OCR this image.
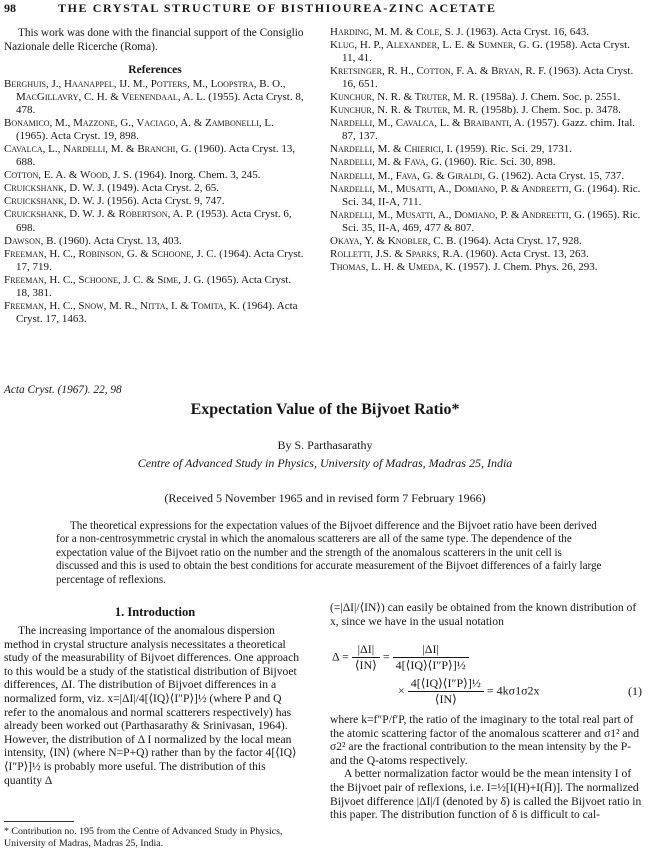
98	THE CRYSTAL STRUCTURE OF BISTHIOUREA-ZINC ACETATE

This work was done with the financial support of the Consiglio Nazionale delle Ricerche (Roma).

References

Berghuis, J., Haanappel, IJ. M., Potters, M., Loopstra, B. O., MacGillavry, C. H. & Veenendaal, A. L. (1955). Acta Cryst. 8, 478.

Bonamico, M., Mazzone, G., Vaciago, A. & Zambonelli, L. (1965). Acta Cryst. 19, 898.

Cavalca, L., Nardelli, M. & Branchi, G. (1960). Acta Cryst. 13, 688.

Cotton, E. A. & Wood, J. S. (1964). Inorg. Chem. 3, 245.

Cruickshank, D. W. J. (1949). Acta Cryst. 2, 65.

Cruickshank, D. W. J. (1956). Acta Cryst. 9, 747.

Cruickshank, D. W. J. & Robertson, A. P. (1953). Acta Cryst. 6, 698.

Dawson, B. (1960). Acta Cryst. 13, 403.

Freeman, H. C., Robinson, G. & Schoone, J. C. (1964). Acta Cryst. 17, 719.

Freeman, H. C., Schoone, J. C. & Sime, J. G. (1965). Acta Cryst. 18, 381.

Freeman, H. C., Snow, M. R., Nitta, I. & Tomita, K. (1964). Acta Cryst. 17, 1463.

Harding, M. M. & Cole, S. J. (1963). Acta Cryst. 16, 643.

Klug, H. P., Alexander, L. E. & Sumner, G. G. (1958). Acta Cryst. 11, 41.

Kretsinger, R. H., Cotton, F. A. & Bryan, R. F. (1963). Acta Cryst. 16, 651.

Kunchur, N. R. & Truter, M. R. (1958a). J. Chem. Soc. p. 2551.

Kunchur, N. R. & Truter, M. R. (1958b). J. Chem. Soc. p. 3478.

Nardelli, M., Cavalca, L. & Braibanti, A. (1957). Gazz. chim. Ital. 87, 137.

Nardelli, M. & Chierici, I. (1959). Ric. Sci. 29, 1731.

Nardelli, M. & Fava, G. (1960). Ric. Sci. 30, 898.

Nardelli, M., Fava, G. & Giraldi, G. (1962). Acta Cryst. 15, 737.

Nardelli, M., Musatti, A., Domiano, P. & Andreetti, G. (1964). Ric. Sci. 34, II-A, 711.

Nardelli, M., Musatti, A., Domiano, P. & Andreetti, G. (1965). Ric. Sci. 35, II-A, 469, 477 & 807.

Okaya, Y. & Knobler, C. B. (1964). Acta Cryst. 17, 928.

Rolletti, J.S. & Sparks, R.A. (1960). Acta Cryst. 13, 263.

Thomas, L. H. & Umeda, K. (1957). J. Chem. Phys. 26, 293.

Acta Cryst. (1967). 22, 98
Expectation Value of the Bijvoet Ratio*
By S. Parthasarathy
Centre of Advanced Study in Physics, University of Madras, Madras 25, India
(Received 5 November 1965 and in revised form 7 February 1966)

The theoretical expressions for the expectation values of the Bijvoet difference and the Bijvoet ratio have been derived for a non-centrosymmetric crystal in which the anomalous scatterers are all of the same type. The dependence of the expectation value of the Bijvoet ratio on the number and the strength of the anomalous scatterers in the unit cell is discussed and this is used to obtain the best conditions for accurate measurement of the Bijvoet differences of a fairly large percentage of reflexions.

1. Introduction

The increasing importance of the anomalous dispersion method in crystal structure analysis necessitates a theoretical study of the measurability of Bijvoet differences. One approach to this would be a study of the statistical distribution of Bijvoet differences, ΔI. The distribution of Bijvoet differences in a normalized form, viz. x=|ΔI|/4[⟨IQ⟩⟨I″P⟩]½ (where P and Q refer to the anomalous and normal scatterers respectively) has already been worked out (Parthasarathy & Srinivasan, 1964). However, the distribution of Δ I normalized by the local mean intensity, ⟨IN⟩ (where N=P+Q) rather than by the factor 4[⟨IQ⟩⟨I″P⟩]½ is probably more useful. The distribution of this quantity Δ

(=|ΔI|/⟨IN⟩) can easily be obtained from the known distribution of x, since we have in the usual notation

$\Delta = \frac{|\Delta I|}{⟨IN⟩} = \frac{|\Delta I|}{\text{4[⟨IQ⟩⟨I″P⟩]½}}$
× $\frac{\text{4[⟨IQ⟩⟨I″P⟩]½}}{⟨IN⟩} = 4k\sigma 1\sigma 2x$	(1)

where k=f″P/f′P, the ratio of the imaginary to the total real part of the atomic scattering factor of the anomalous scatterer and σ1² and σ2² are the fractional contribution to the mean intensity by the P- and the Q-atoms respectively.

A better normalization factor would be the mean intensity I of the Bijvoet pair of reflexions, i.e. I=½[I(H)+I(H̄)]. The normalized Bijvoet difference |ΔI|/I (denoted by δ) is called the Bijvoet ratio in this paper. The distribution function of δ is difficult to cal-

* Contribution no. 195 from the Centre of Advanced Study in Physics, University of Madras, Madras 25, India.
